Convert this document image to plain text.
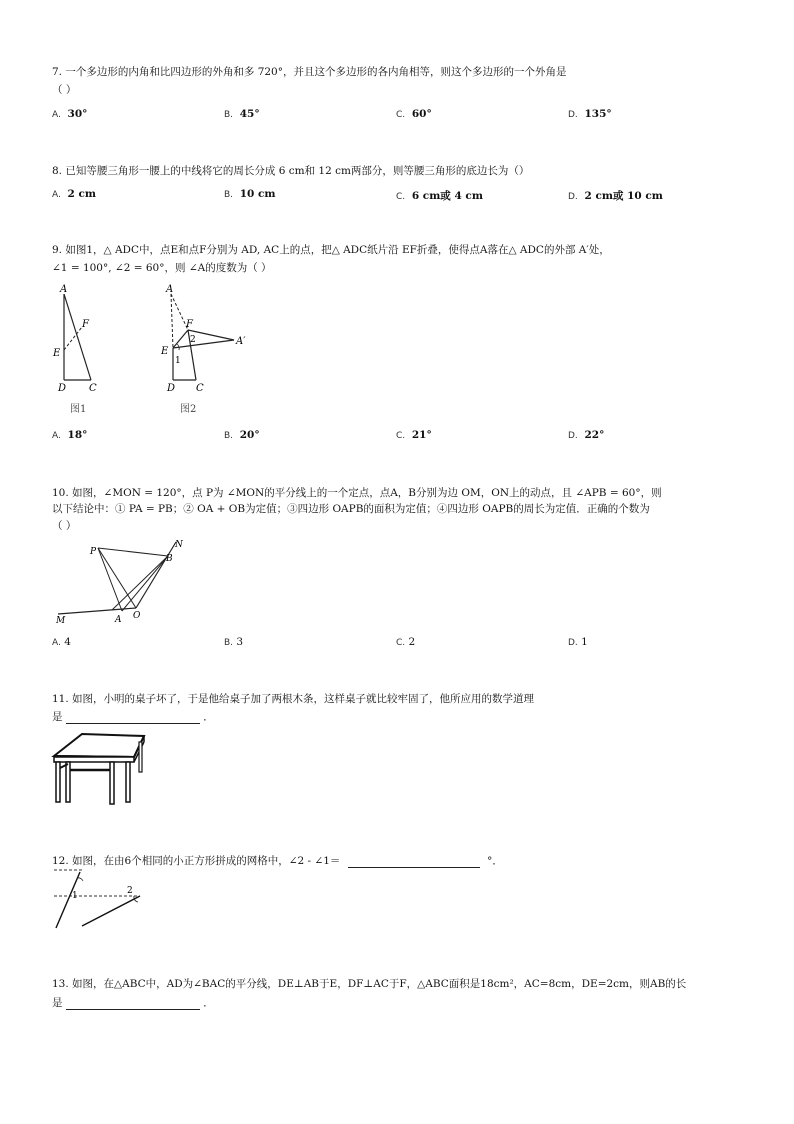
7. 一个多边形的内角和比四边形的外角和多 720°，并且这个多边形的各内角相等，则这个多边形的一个外角是
（ ）
A. 30°	B. 45°	C. 60°	D. 135°
8. 已知等腰三角形一腰上的中线将它的周长分成 6 cm和 12 cm两部分，则等腰三角形的底边长为（）
A. 2 cm	B. 10 cm	C. 6 cm或 4 cm	D. 2 cm或 10 cm
9. 如图1，△ ADC中，点E和点F分别为 AD, AC上的点，把△ ADC纸片沿 EF折叠，使得点A落在△ ADC的外部 A′处，
∠1 = 100°, ∠2 = 60°，则 ∠A的度数为（ ）
A
F
E
D C
图1
A
F
A′
E
2
1
D C
图2
A. 18°	B. 20°	C. 21°	D. 22°
10. 如图，∠MON = 120°，点 P为 ∠MON的平分线上的一个定点，点A，B分别为边 OM，ON上的动点，且 ∠APB = 60°，则
以下结论中：① PA = PB；② OA + OB为定值；③四边形 OAPB的面积为定值；④四边形 OAPB的周长为定值．正确的个数为
（ ）
P
N
B
M	A O
A. 4	B. 3	C. 2	D. 1
11. 如图，小明的桌子坏了，于是他给桌子加了两根木条，这样桌子就比较牢固了，他所应用的数学道理
是	．
12. 如图，在由6个相同的小正方形拼成的网格中，∠2 - ∠1＝	°．
1	2
13. 如图，在△ABC中，AD为∠BAC的平分线，DE⊥AB于E，DF⊥AC于F，△ABC面积是18cm²，AC=8cm，DE=2cm，则AB的长
是	．
